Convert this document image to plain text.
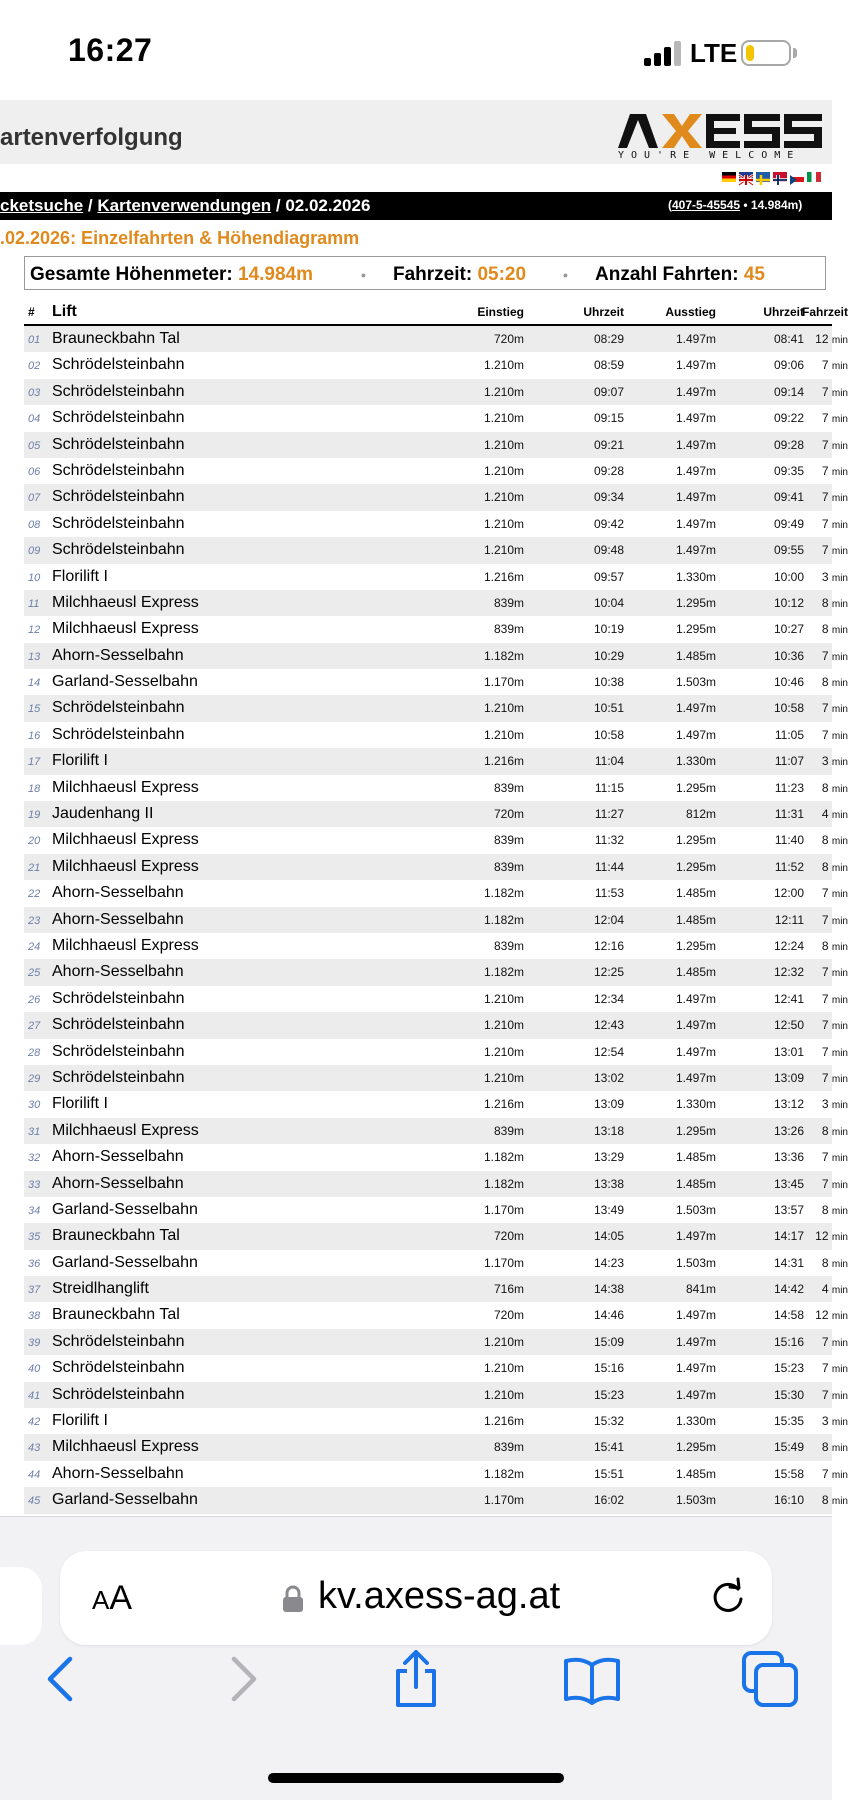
16:27	LTE
artenverfolgung
YOU'RE WELCOME
cketsuche / Kartenverwendungen / 02.02.2026	(407-5-45545 • 14.984m)
.02.2026: Einzelfahrten & Höhendiagramm
Gesamte Höhenmeter: 14.984m	• Fahrzeit: 05:20	• Anzahl Fahrten: 45
# Lift	Einstieg	Uhrzeit	Ausstieg	Uhrzeit
Fahrzeit
01 Brauneckbahn Tal	720m	08:29	1.497m	08:41 12 min
02 Schrödelsteinbahn	1.210m	08:59	1.497m	09:06	7 min
03 Schrödelsteinbahn	1.210m	09:07	1.497m	09:14	7 min
04 Schrödelsteinbahn	1.210m	09:15	1.497m	09:22	7 min
05 Schrödelsteinbahn	1.210m	09:21	1.497m	09:28	7 min
06 Schrödelsteinbahn	1.210m	09:28	1.497m	09:35	7 min
07 Schrödelsteinbahn	1.210m	09:34	1.497m	09:41	7 min
08 Schrödelsteinbahn	1.210m	09:42	1.497m	09:49	7 min
09 Schrödelsteinbahn	1.210m	09:48	1.497m	09:55	7 min
10 Florilift I	1.216m	09:57	1.330m	10:00	3 min
11 Milchhaeusl Express	839m	10:04	1.295m	10:12	8 min
12 Milchhaeusl Express	839m	10:19	1.295m	10:27	8 min
13 Ahorn-Sesselbahn	1.182m	10:29	1.485m	10:36	7 min
14 Garland-Sesselbahn	1.170m	10:38	1.503m	10:46	8 min
15 Schrödelsteinbahn	1.210m	10:51	1.497m	10:58	7 min
16 Schrödelsteinbahn	1.210m	10:58	1.497m	11:05	7 min
17 Florilift I	1.216m	11:04	1.330m	11:07	3 min
18 Milchhaeusl Express	839m	11:15	1.295m	11:23	8 min
19 Jaudenhang II	720m	11:27	812m	11:31	4 min
20 Milchhaeusl Express	839m	11:32	1.295m	11:40	8 min
21 Milchhaeusl Express	839m	11:44	1.295m	11:52	8 min
22 Ahorn-Sesselbahn	1.182m	11:53	1.485m	12:00	7 min
23 Ahorn-Sesselbahn	1.182m	12:04	1.485m	12:11	7 min
24 Milchhaeusl Express	839m	12:16	1.295m	12:24	8 min
25 Ahorn-Sesselbahn	1.182m	12:25	1.485m	12:32	7 min
26 Schrödelsteinbahn	1.210m	12:34	1.497m	12:41	7 min
27 Schrödelsteinbahn	1.210m	12:43	1.497m	12:50	7 min
28 Schrödelsteinbahn	1.210m	12:54	1.497m	13:01	7 min
29 Schrödelsteinbahn	1.210m	13:02	1.497m	13:09	7 min
30 Florilift I	1.216m	13:09	1.330m	13:12	3 min
31 Milchhaeusl Express	839m	13:18	1.295m	13:26	8 min
32 Ahorn-Sesselbahn	1.182m	13:29	1.485m	13:36	7 min
33 Ahorn-Sesselbahn	1.182m	13:38	1.485m	13:45	7 min
34 Garland-Sesselbahn	1.170m	13:49	1.503m	13:57	8 min
35 Brauneckbahn Tal	720m	14:05	1.497m	14:17 12 min
36 Garland-Sesselbahn	1.170m	14:23	1.503m	14:31	8 min
37 Streidlhanglift	716m	14:38	841m	14:42	4 min
38 Brauneckbahn Tal	720m	14:46	1.497m	14:58 12 min
39 Schrödelsteinbahn	1.210m	15:09	1.497m	15:16	7 min
40 Schrödelsteinbahn	1.210m	15:16	1.497m	15:23	7 min
41 Schrödelsteinbahn	1.210m	15:23	1.497m	15:30	7 min
42 Florilift I	1.216m	15:32	1.330m	15:35	3 min
43 Milchhaeusl Express	839m	15:41	1.295m	15:49	8 min
44 Ahorn-Sesselbahn	1.182m	15:51	1.485m	15:58	7 min
45 Garland-Sesselbahn	1.170m	16:02	1.503m	16:10	8 min
AA	kv.axess-ag.at
